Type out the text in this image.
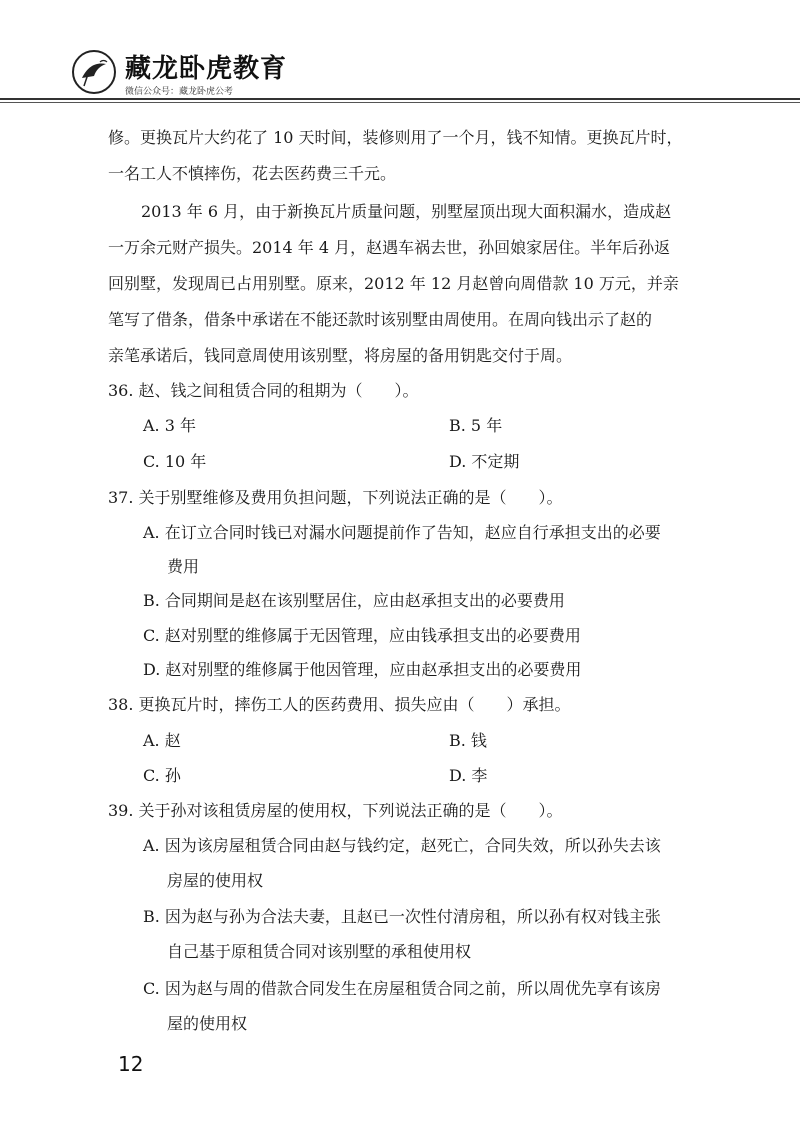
藏龙卧虎教育
微信公众号：藏龙卧虎公考
修。更换瓦片大约花了 10 天时间，装修则用了一个月，钱不知情。更换瓦片时，
一名工人不慎摔伤，花去医药费三千元。
2013 年 6 月，由于新换瓦片质量问题，别墅屋顶出现大面积漏水，造成赵
一万余元财产损失。2014 年 4 月，赵遇车祸去世，孙回娘家居住。半年后孙返
回别墅，发现周已占用别墅。原来，2012 年 12 月赵曾向周借款 10 万元，并亲
笔写了借条，借条中承诺在不能还款时该别墅由周使用。在周向钱出示了赵的
亲笔承诺后，钱同意周使用该别墅，将房屋的备用钥匙交付于周。
36. 赵、钱之间租赁合同的租期为（　　）。
A. 3 年	B. 5 年
C. 10 年	D. 不定期
37. 关于别墅维修及费用负担问题，下列说法正确的是（　　）。
A. 在订立合同时钱已对漏水问题提前作了告知，赵应自行承担支出的必要
费用
B. 合同期间是赵在该别墅居住，应由赵承担支出的必要费用
C. 赵对别墅的维修属于无因管理，应由钱承担支出的必要费用
D. 赵对别墅的维修属于他因管理，应由赵承担支出的必要费用
38. 更换瓦片时，摔伤工人的医药费用、损失应由（　　）承担。
A. 赵	B. 钱
C. 孙	D. 李
39. 关于孙对该租赁房屋的使用权，下列说法正确的是（　　）。
A. 因为该房屋租赁合同由赵与钱约定，赵死亡，合同失效，所以孙失去该
房屋的使用权
B. 因为赵与孙为合法夫妻，且赵已一次性付清房租，所以孙有权对钱主张
自己基于原租赁合同对该别墅的承租使用权
C. 因为赵与周的借款合同发生在房屋租赁合同之前，所以周优先享有该房
屋的使用权
12
